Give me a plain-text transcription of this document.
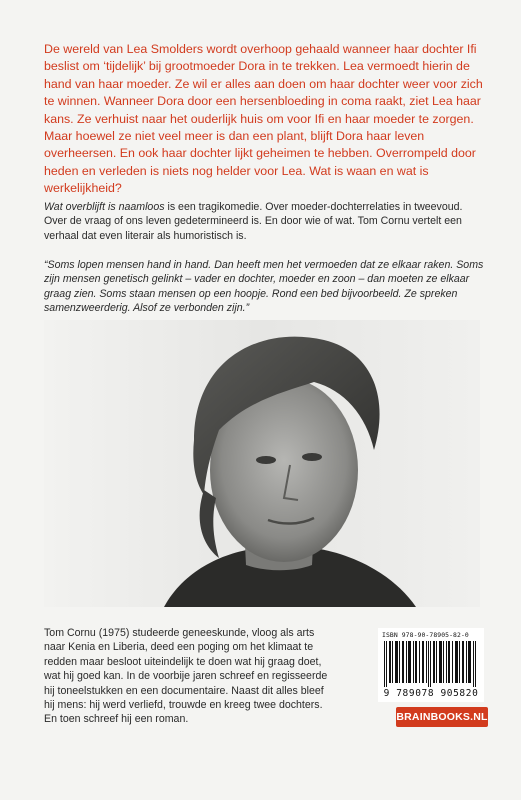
De wereld van Lea Smolders wordt overhoop gehaald wanneer haar dochter Ifi beslist om ‘tijdelijk’ bij grootmoeder Dora in te trekken. Lea vermoedt hierin de hand van haar moeder. Ze wil er alles aan doen om haar dochter weer voor zich te winnen. Wanneer Dora door een hersenbloeding in coma raakt, ziet Lea haar kans. Ze verhuist naar het ouderlijk huis om voor Ifi en haar moeder te zorgen. Maar hoewel ze niet veel meer is dan een plant, blijft Dora haar leven overheersen. En ook haar dochter lijkt geheimen te hebben. Overrompeld door heden en verleden is niets nog helder voor Lea. Wat is waan en wat is werkelijkheid?

Wat overblijft is naamloos is een tragikomedie. Over moeder-dochterrelaties in tweevoud. Over de vraag of ons leven gedetermineerd is. En door wie of wat. Tom Cornu vertelt een verhaal dat even literair als humoristisch is.

“Soms lopen mensen hand in hand. Dan heeft men het vermoeden dat ze elkaar raken. Soms zijn mensen genetisch gelinkt – vader en dochter, moeder en zoon – dan moeten ze elkaar graag zien. Soms staan mensen op een hoopje. Rond een bed bijvoorbeeld. Ze spreken samenzweerderig. Alsof ze verbonden zijn.”

Tom Cornu (1975) studeerde geneeskunde, vloog als arts naar Kenia en Liberia, deed een poging om het klimaat te redden maar besloot uiteindelijk te doen wat hij graag doet, wat hij goed kan. In de voorbije jaren schreef en regisseerde hij toneelstukken en een documentaire. Naast dit alles bleef hij mens: hij werd verliefd, trouwde en kreeg twee dochters. En toen schreef hij een roman.

ISBN 978-90-78905-82-0
9 789078 905820
BRAINBOOKS.NL
